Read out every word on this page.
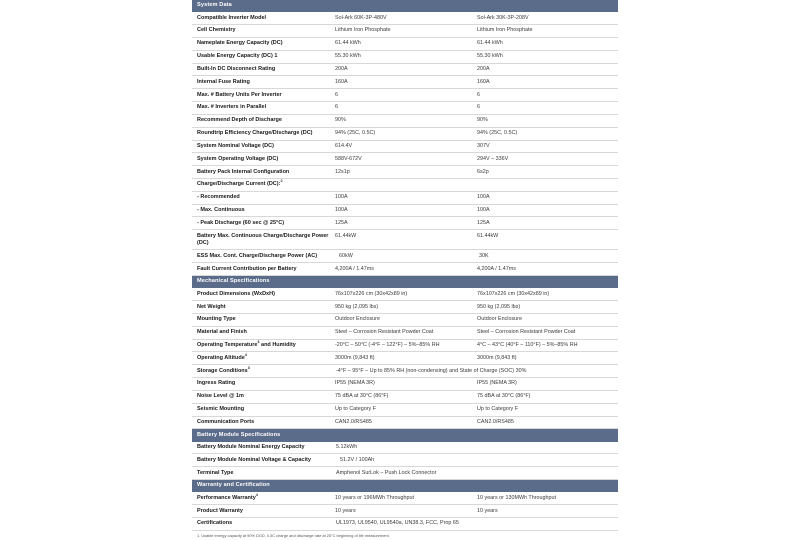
System Data
Compatible Inverter Model	Sol-Ark 60K-3P-480V	Sol-Ark 30K-3P-208V
Cell Chemistry	Lithium Iron Phosphate	Lithium Iron Phosphate
Nameplate Energy Capacity (DC)	61.44 kWh	61.44 kWh
Usable Energy Capacity (DC) 1	55.30 kWh	55.30 kWh
Built-In DC Disconnect Rating	200A	200A
Internal Fuse Rating	160A	160A
Max. # Battery Units Per Inverter	6	6
Max. # Inverters in Parallel	6	6
Recommend Depth of Discharge	90%	90%
Roundtrip Efficiency Charge/Discharge (DC)	94% (25C, 0.5C)	94% (25C, 0.5C)
System Nominal Voltage (DC)	614.4V	307V
System Operating Voltage (DC)	588V-672V	294V – 336V
Battery Pack Internal Configuration	12s1p	6s2p
Charge/Discharge Current (DC):$^2$
- Recommended	100A	100A
- Max. Continuous	100A	100A
- Peak Discharge (60 sec @ 25°C)	125A	125A
Battery Max. Continuous Charge/Discharge Power (DC)
61.44kW	61.44kW
ESS Max. Cont. Charge/Discharge Power (AC)	60kW	30K
Fault Current Contribution per Battery	4,200A / 1.47ms	4,200A / 1.47ms
Mechanical Specifications
Product Dimensions (WxDxH)	76x107x226 cm (30x42x89 in)	76x107x226 cm (30x42x89 in)
Net Weight	950 kg (2,095 lbs)	950 kg (2,095 lbs)
Mounting Type	Outdoor Enclosure	Outdoor Enclosure
Material and Finish	Steel – Corrosion Resistant Powder Coat	Steel – Corrosion Resistant Powder Coat
Operating Temperature$^3$ and Humidity	-20°C – 50°C (-4°F – 122°F) – 5%–85% RH	4°C – 43°C (40°F – 110°F) – 5%–85% RH
Operating Altitude$^4$	3000m (9,843 ft)	3000m (9,843 ft)
Storage Conditions$^3$	-4°F – 95°F – Up to 85% RH (non-condensing) and State of Charge (SOC) 30%
Ingress Rating	IP55 (NEMA 3R)	IP55 (NEMA 3R)
Noise Level @ 1m	75 dBA at 30°C (86°F)	75 dBA at 30°C (86°F)
Seismic Mounting	Up to Category F	Up to Category F
Communication Ports	CAN2.0/RS485	CAN2.0/RS485
Battery Module Specifications
Battery Module Nominal Energy Capacity	5.12kWh
Battery Module Nominal Voltage & Capacity	51.2V / 100Ah
Terminal Type	Amphenol SurLok – Push Lock Connector
Warranty and Certification
Performance Warranty$^4$	10 years or 196MWh Throughput	10 years or 130MWh Throughput
Product Warranty	10 years	10 years
Certifications	UL1973, UL9540, UL9540a, UN38.3, FCC, Prop 65
1. Usable energy capacity at 90% DOD, 0.5C charge and discharge rate at 25°C beginning of life measurement.
